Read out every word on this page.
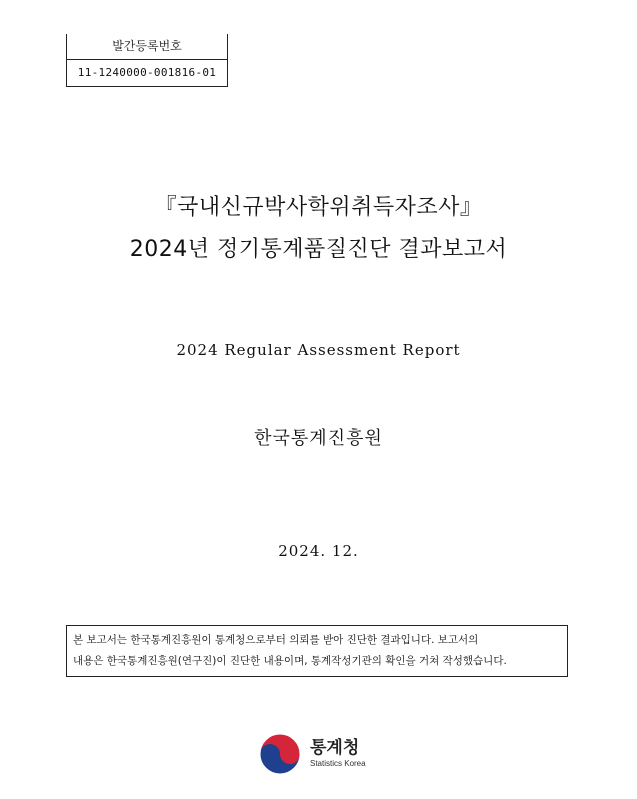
발간등록번호
11-1240000-001816-01
『국내신규박사학위취득자조사』
2024년 정기통계품질진단 결과보고서
2024 Regular Assessment Report
한국통계진흥원
2024. 12.
본 보고서는 한국통계진흥원이 통계청으로부터 의뢰를 받아 진단한 결과입니다. 보고서의
내용은 한국통계진흥원(연구진)이 진단한 내용이며, 통계작성기관의 확인을 거쳐 작성했습니다.
통계청
Statistics Korea
